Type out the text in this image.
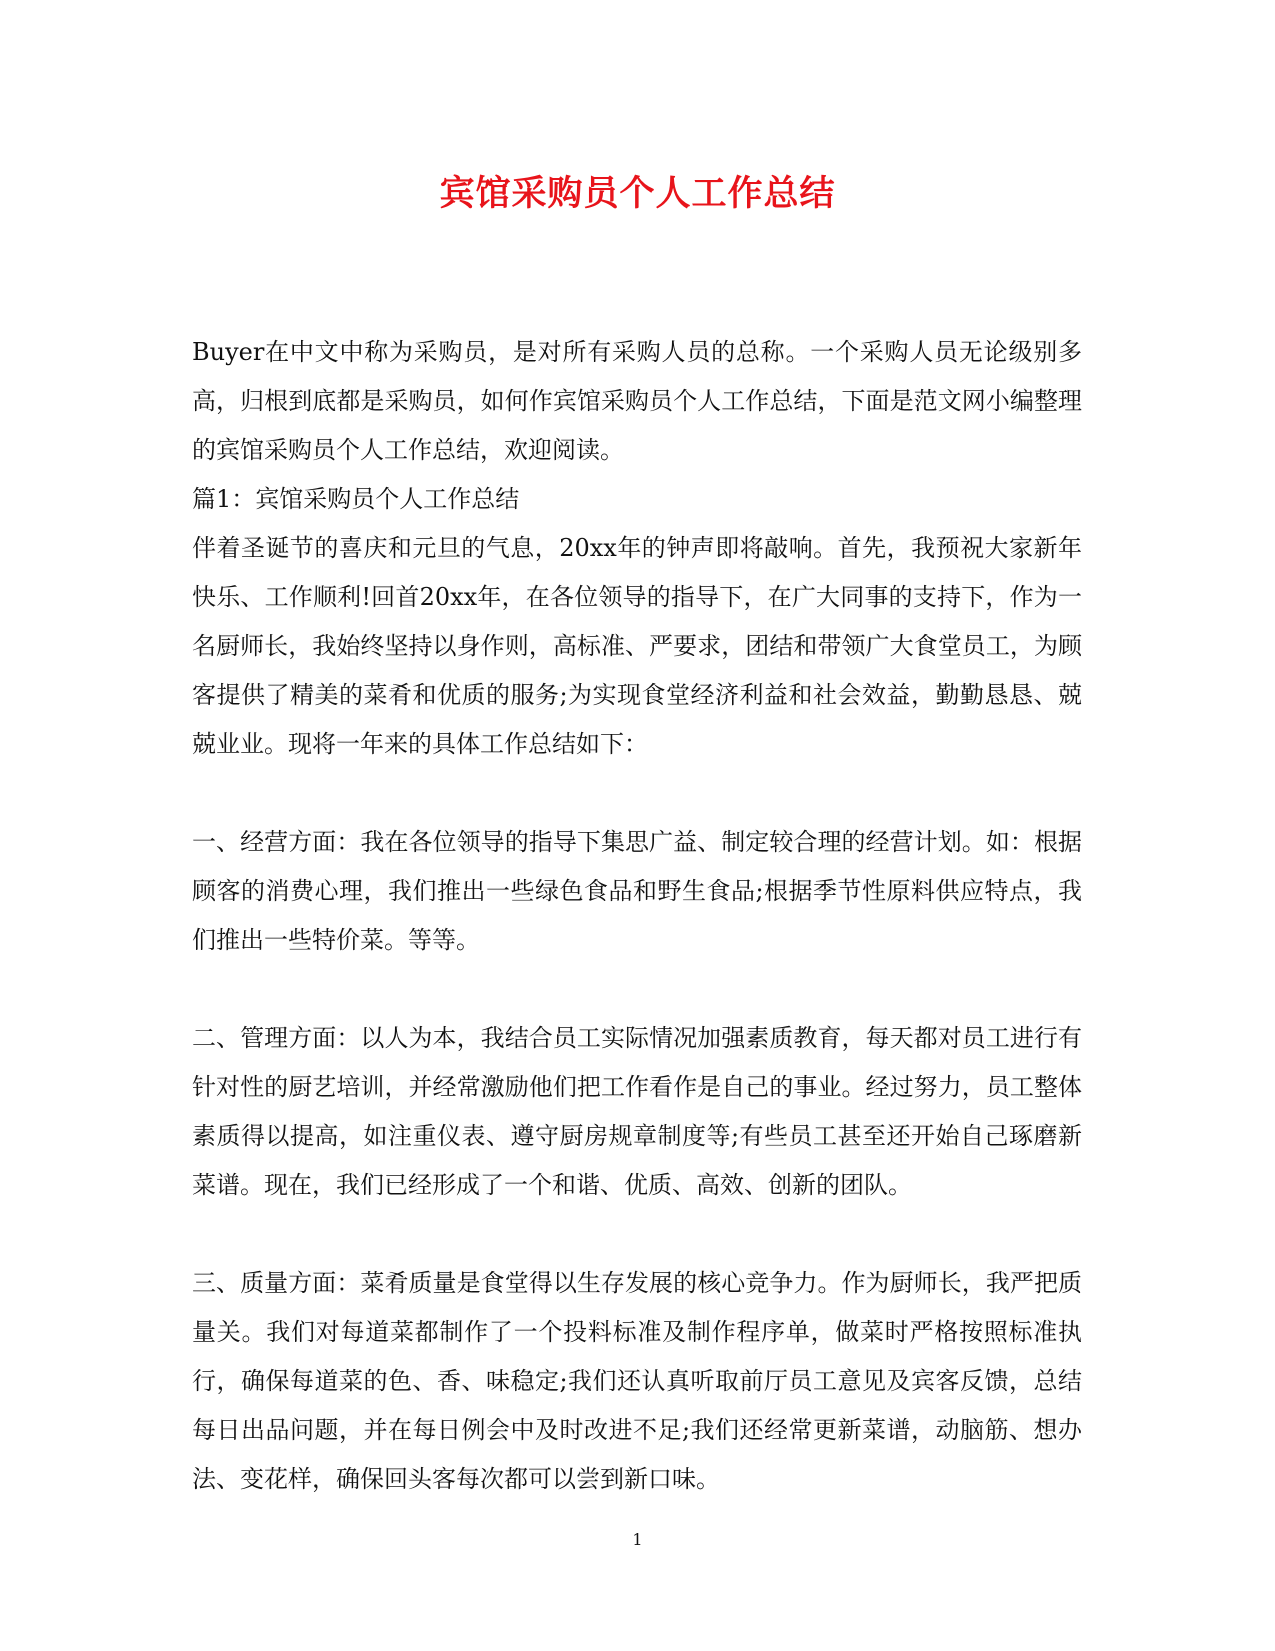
宾馆采购员个人工作总结

Buyer在中文中称为采购员，是对所有采购人员的总称。一个采购人员无论级别多高，归根到底都是采购员，如何作宾馆采购员个人工作总结，下面是范文网小编整理的宾馆采购员个人工作总结，欢迎阅读。

篇1：宾馆采购员个人工作总结

伴着圣诞节的喜庆和元旦的气息，20xx年的钟声即将敲响。首先，我预祝大家新年快乐、工作顺利!回首20xx年，在各位领导的指导下，在广大同事的支持下，作为一名厨师长，我始终坚持以身作则，高标准、严要求，团结和带领广大食堂员工，为顾客提供了精美的菜肴和优质的服务;为实现食堂经济利益和社会效益，勤勤恳恳、兢兢业业。现将一年来的具体工作总结如下：

一、经营方面：我在各位领导的指导下集思广益、制定较合理的经营计划。如：根据顾客的消费心理，我们推出一些绿色食品和野生食品;根据季节性原料供应特点，我们推出一些特价菜。等等。

二、管理方面：以人为本，我结合员工实际情况加强素质教育，每天都对员工进行有针对性的厨艺培训，并经常激励他们把工作看作是自己的事业。经过努力，员工整体素质得以提高，如注重仪表、遵守厨房规章制度等;有些员工甚至还开始自己琢磨新菜谱。现在，我们已经形成了一个和谐、优质、高效、创新的团队。

三、质量方面：菜肴质量是食堂得以生存发展的核心竞争力。作为厨师长，我严把质量关。我们对每道菜都制作了一个投料标准及制作程序单，做菜时严格按照标准执行，确保每道菜的色、香、味稳定;我们还认真听取前厅员工意见及宾客反馈，总结每日出品问题，并在每日例会中及时改进不足;我们还经常更新菜谱，动脑筋、想办法、变花样，确保回头客每次都可以尝到新口味。

1
